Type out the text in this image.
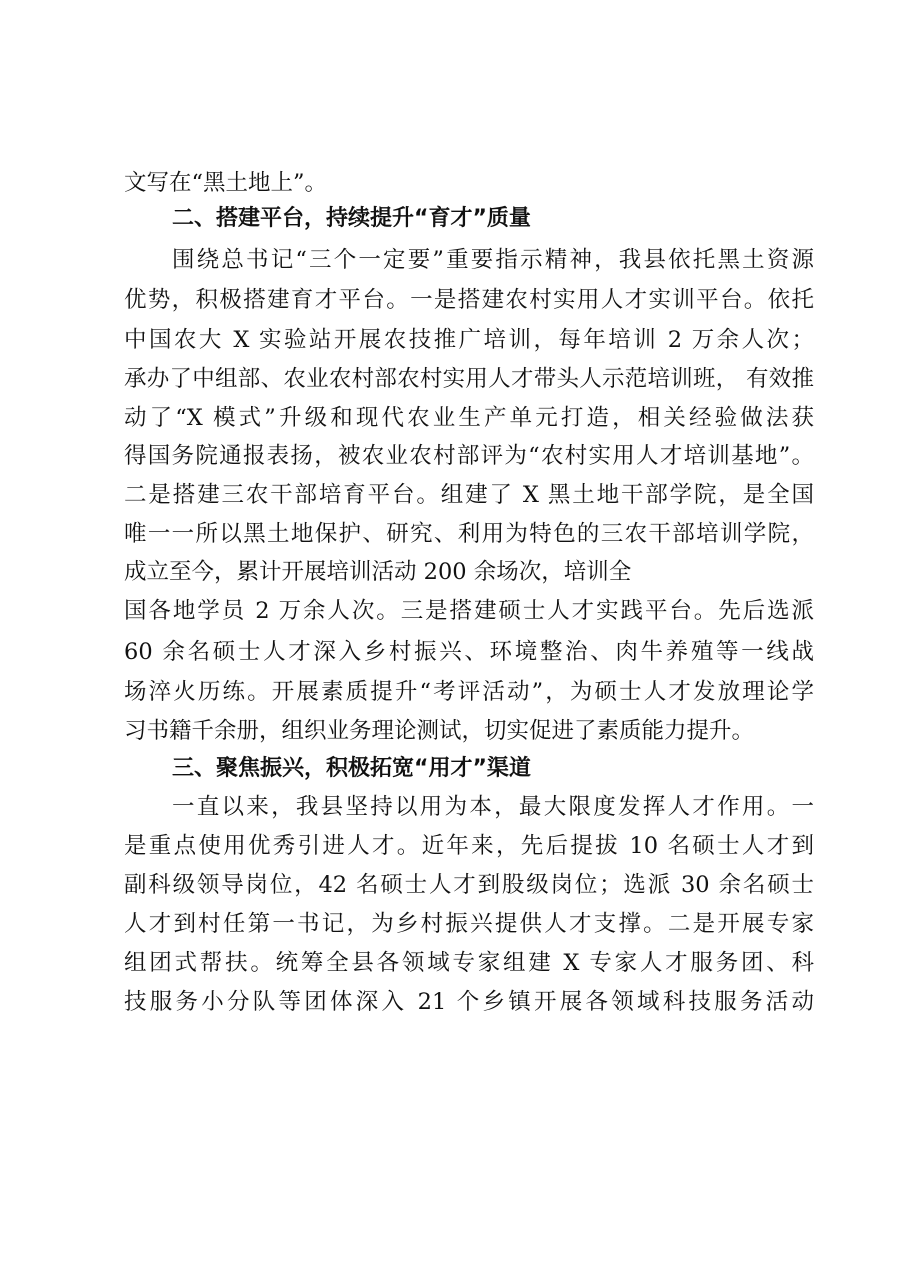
文写在“黑土地上”。
二、搭建平台，持续提升“育才”质量
围绕总书记“三个一定要”重要指示精神，我县依托黑土资源
优势，积极搭建育才平台。一是搭建农村实用人才实训平台。依托
中国农大 X 实验站开展农技推广培训，每年培训 2 万余人次；
承办了中组部、农业农村部农村实用人才带头人示范培训班， 有效推
动了“X 模式”升级和现代农业生产单元打造，相关经验做法获
得国务院通报表扬，被农业农村部评为“农村实用人才培训基地”。
二是搭建三农干部培育平台。组建了 X 黑土地干部学院，是全国
唯一一所以黑土地保护、研究、利用为特色的三农干部培训学院，
成立至今，累计开展培训活动 200 余场次，培训全
国各地学员 2 万余人次。三是搭建硕士人才实践平台。先后选派
60 余名硕士人才深入乡村振兴、环境整治、肉牛养殖等一线战
场淬火历练。开展素质提升“考评活动”，为硕士人才发放理论学
习书籍千余册，组织业务理论测试，切实促进了素质能力提升。
三、聚焦振兴，积极拓宽“用才”渠道
一直以来，我县坚持以用为本，最大限度发挥人才作用。一
是重点使用优秀引进人才。近年来，先后提拔 10 名硕士人才到
副科级领导岗位，42 名硕士人才到股级岗位；选派 30 余名硕士
人才到村任第一书记，为乡村振兴提供人才支撑。二是开展专家
组团式帮扶。统筹全县各领域专家组建 X 专家人才服务团、科
技服务小分队等团体深入 21 个乡镇开展各领域科技服务活动
